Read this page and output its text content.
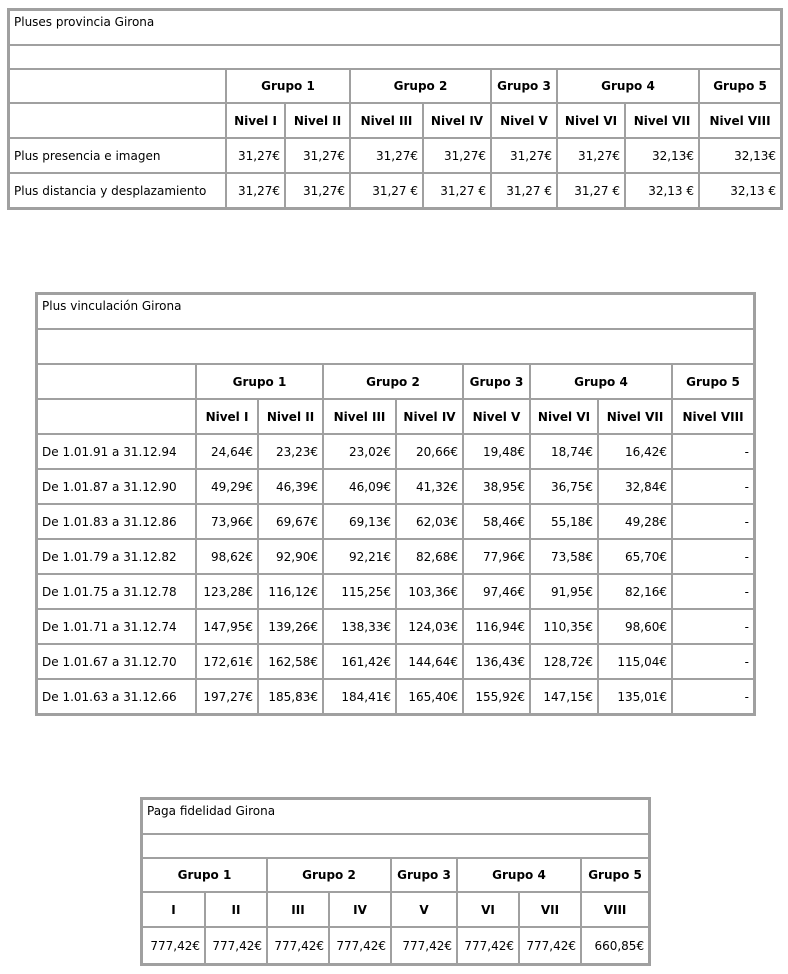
Pluses provincia Girona								

	Grupo 1		Grupo 2		Grupo 3	Grupo 4		Grupo 5
	Nivel I	Nivel II	Nivel III	Nivel IV	Nivel V	Nivel VI	Nivel VII	Nivel VIII
Plus presencia e imagen	31,27€	31,27€	31,27€	31,27€	31,27€	31,27€	32,13€	32,13€
Plus distancia y desplazamiento	31,27€	31,27€	31,27 €	31,27 €	31,27 €	31,27 €	32,13 €	32,13 €
Plus vinculación Girona								

	Grupo 1		Grupo 2		Grupo 3	Grupo 4		Grupo 5
	Nivel I	Nivel II	Nivel III	Nivel IV	Nivel V	Nivel VI	Nivel VII	Nivel VIII
De 1.01.91 a 31.12.94	24,64€	23,23€	23,02€	20,66€	19,48€	18,74€	16,42€	-
De 1.01.87 a 31.12.90	49,29€	46,39€	46,09€	41,32€	38,95€	36,75€	32,84€	-
De 1.01.83 a 31.12.86	73,96€	69,67€	69,13€	62,03€	58,46€	55,18€	49,28€	-
De 1.01.79 a 31.12.82	98,62€	92,90€	92,21€	82,68€	77,96€	73,58€	65,70€	-
De 1.01.75 a 31.12.78	123,28€	116,12€	115,25€	103,36€	97,46€	91,95€	82,16€	-
De 1.01.71 a 31.12.74	147,95€	139,26€	138,33€	124,03€	116,94€	110,35€	98,60€	-
De 1.01.67 a 31.12.70	172,61€	162,58€	161,42€	144,64€	136,43€	128,72€	115,04€	-
De 1.01.63 a 31.12.66	197,27€	185,83€	184,41€	165,40€	155,92€	147,15€	135,01€	-
Paga fidelidad Girona							

Grupo 1		Grupo 2		Grupo 3	Grupo 4		Grupo 5
I	II	III	IV	V	VI	VII	VIII
777,42€	777,42€	777,42€	777,42€	777,42€	777,42€	777,42€	660,85€
